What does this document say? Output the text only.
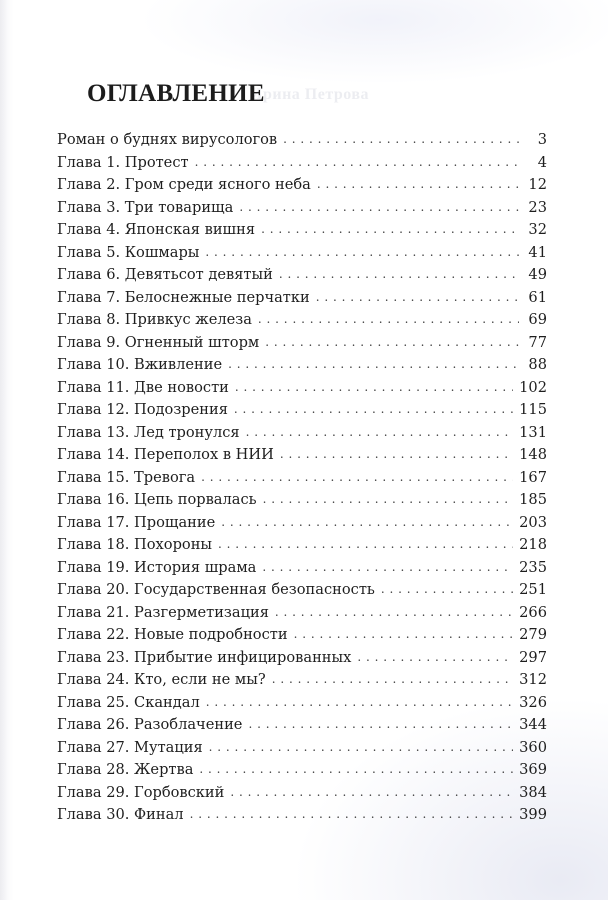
Ирина Петрова
ОГЛАВЛЕНИЕ
Роман о буднях вирусологов . . .	3
Глава 1. Протест . . .	4
Глава 2. Гром среди ясного неба . . .	12
Глава 3. Три товарища . . .	23
Глава 4. Японская вишня . . .	32
Глава 5. Кошмары . . .	41
Глава 6. Девятьсот девятый . . .	49
Глава 7. Белоснежные перчатки . . .	61
Глава 8. Привкус железа . . .	69
Глава 9. Огненный шторм . . .	77
Глава 10. Вживление . . .	88
Глава 11. Две новости . . .	102
Глава 12. Подозрения . . .	115
Глава 13. Лед тронулся . . .	131
Глава 14. Переполох в НИИ . . .	148
Глава 15. Тревога . . .	167
Глава 16. Цепь порвалась . . .	185
Глава 17. Прощание . . .	203
Глава 18. Похороны . . .	218
Глава 19. История шрама . . .	235
Глава 20. Государственная безопасность . . .	251
Глава 21. Разгерметизация . . .	266
Глава 22. Новые подробности . . .	279
Глава 23. Прибытие инфицированных . . .	297
Глава 24. Кто, если не мы? . . .	312
Глава 25. Скандал . . .	326
Глава 26. Разоблачение . . .	344
Глава 27. Мутация . . .	360
Глава 28. Жертва . . .	369
Глава 29. Горбовский . . .	384
Глава 30. Финал . . .	399
